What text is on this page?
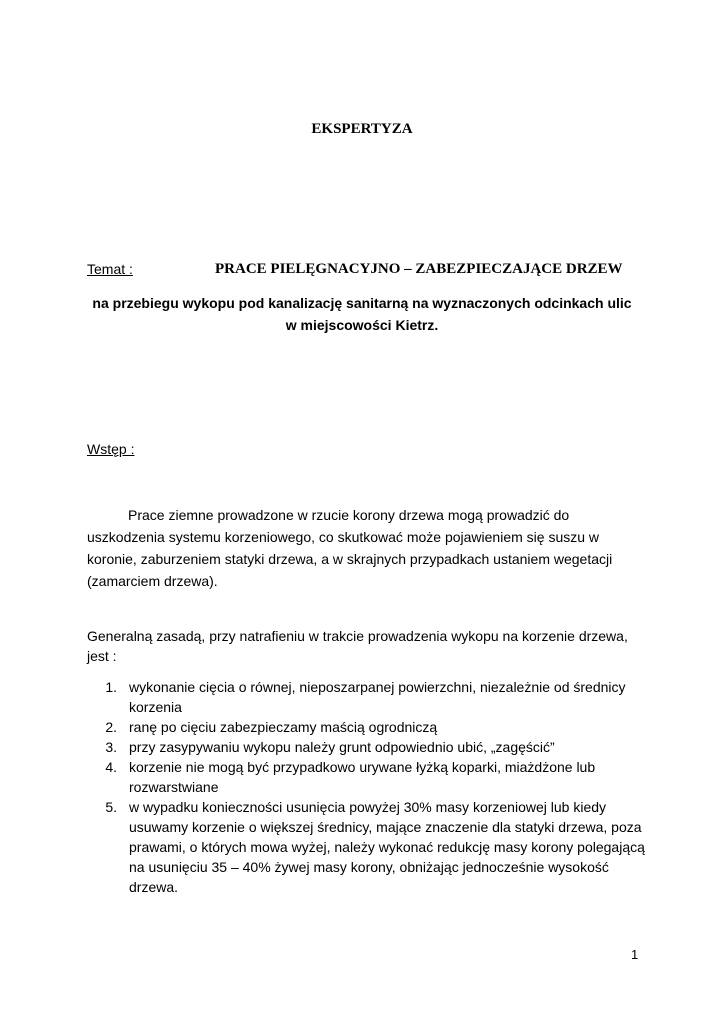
EKSPERTYZA
Temat :	PRACE PIELĘGNACYJNO – ZABEZPIECZAJĄCE DRZEW
na przebiegu wykopu pod kanalizację sanitarną na wyznaczonych odcinkach ulic
w miejscowości Kietrz.
Wstęp :
Prace ziemne prowadzone w rzucie korony drzewa mogą prowadzić do uszkodzenia systemu korzeniowego, co skutkować może pojawieniem się suszu w koronie, zaburzeniem statyki drzewa, a w skrajnych przypadkach ustaniem wegetacji (zamarciem drzewa).
Generalną zasadą, przy natrafieniu w trakcie prowadzenia wykopu na korzenie drzewa, jest :
1. wykonanie cięcia o równej, nieposzarpanej powierzchni, niezależnie od średnicy korzenia
2. ranę po cięciu zabezpieczamy maścią ogrodniczą
3. przy zasypywaniu wykopu należy grunt odpowiednio ubić, „zagęścić”
4. korzenie nie mogą być przypadkowo urywane łyżką koparki, miażdżone lub rozwarstwiane
5. w wypadku konieczności usunięcia powyżej 30% masy korzeniowej lub kiedy usuwamy korzenie o większej średnicy, mające znaczenie dla statyki drzewa, poza prawami, o których mowa wyżej, należy wykonać redukcję masy korony polegającą na usunięciu 35 – 40% żywej masy korony, obniżając jednocześnie wysokość drzewa.
1
